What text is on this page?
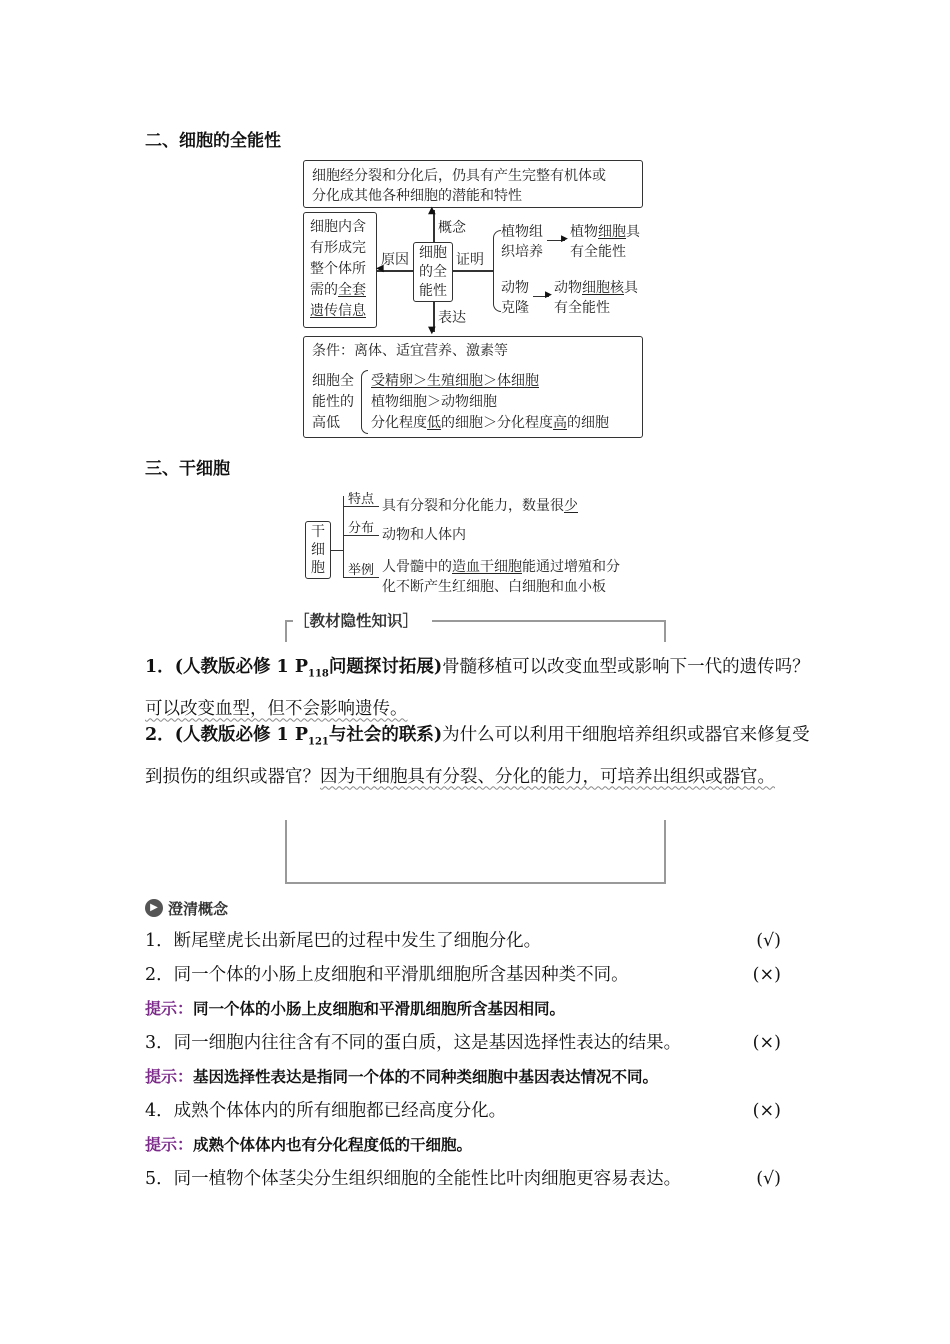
二、细胞的全能性
细胞经分裂和分化后，仍具有产生完整有机体或
分化成其他各种细胞的潜能和特性
▲
概念
细胞内含
有形成完
整个体所
需的全套
遗传信息
◀
原因 细胞
的全
能性
证明
植物组
织培养
▶ 植物细胞具
有全能性
动物
克隆
▶ 动物细胞核具
有全能性
▼
表达
条件：离体、适宜营养、激素等
细胞全
能性的
高低
受精卵＞生殖细胞＞体细胞
植物细胞＞动物细胞
分化程度低的细胞＞分化程度高的细胞
三、干细胞
干
细
胞
特点 具有分裂和分化能力，数量很少
分布 动物和人体内
举例 人骨髓中的造血干细胞能通过增殖和分
化不断产生红细胞、白细胞和血小板
［教材隐性知识］
1．(人教版必修 1 $P_{118}$问题探讨拓展)骨髓移植可以改变血型或影响下一代的遗传吗？可以改变血型，但不会影响遗传。
2．(人教版必修 1 $P_{121}$与社会的联系)为什么可以利用干细胞培养组织或器官来修复受到损伤的组织或器官？因为干细胞具有分裂、分化的能力，可培养出组织或器官。
▶ 澄清概念
1．断尾壁虎长出新尾巴的过程中发生了细胞分化。	(√)
2．同一个体的小肠上皮细胞和平滑肌细胞所含基因种类不同。	(×)
提示：同一个体的小肠上皮细胞和平滑肌细胞所含基因相同。
3．同一细胞内往往含有不同的蛋白质，这是基因选择性表达的结果。	(×)
提示：基因选择性表达是指同一个体的不同种类细胞中基因表达情况不同。
4．成熟个体体内的所有细胞都已经高度分化。	(×)
提示：成熟个体体内也有分化程度低的干细胞。
5．同一植物个体茎尖分生组织细胞的全能性比叶肉细胞更容易表达。	(√)
